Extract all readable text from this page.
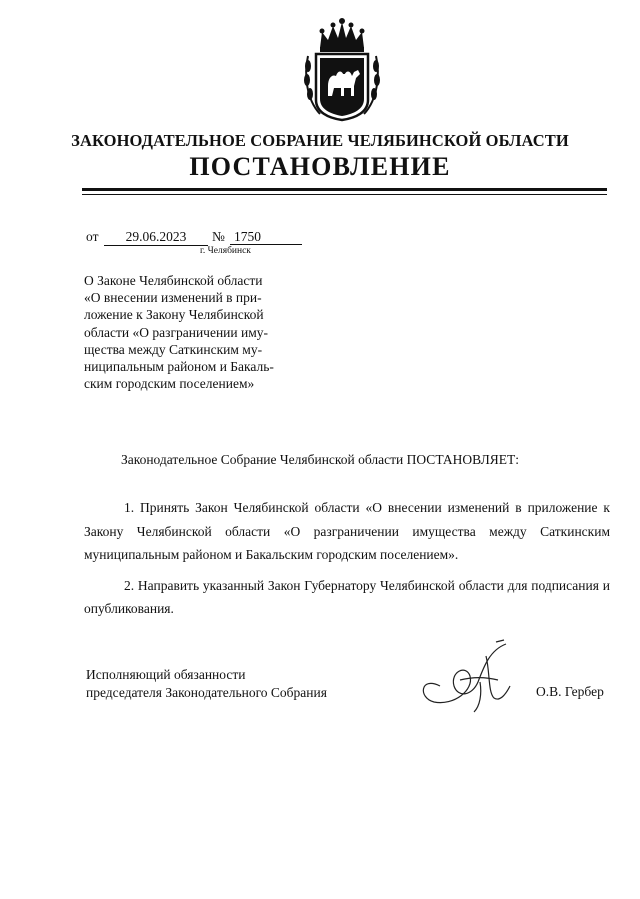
ЗАКОНОДАТЕЛЬНОЕ СОБРАНИЕ ЧЕЛЯБИНСКОЙ ОБЛАСТИ
ПОСТАНОВЛЕНИЕ
от	29.06.2023	№ 1750
г. Челябинск
О Законе Челябинской области
«О внесении изменений в при-
ложение к Закону Челябинской
области «О разграничении иму-
щества между Саткинским му-
ниципальным районом и Бакаль-
ским городским поселением»
Законодательное Собрание Челябинской области ПОСТАНОВЛЯЕТ:

1. Принять Закон Челябинской области «О внесении изменений в приложение к Закону Челябинской области «О разграничении имущества между Саткинским муниципальным районом и Бакальским городским поселением».

2. Направить указанный Закон Губернатору Челябинской области для подписания и опубликования.

Исполняющий обязанности
председателя Законодательного Собрания	О.В. Гербер
